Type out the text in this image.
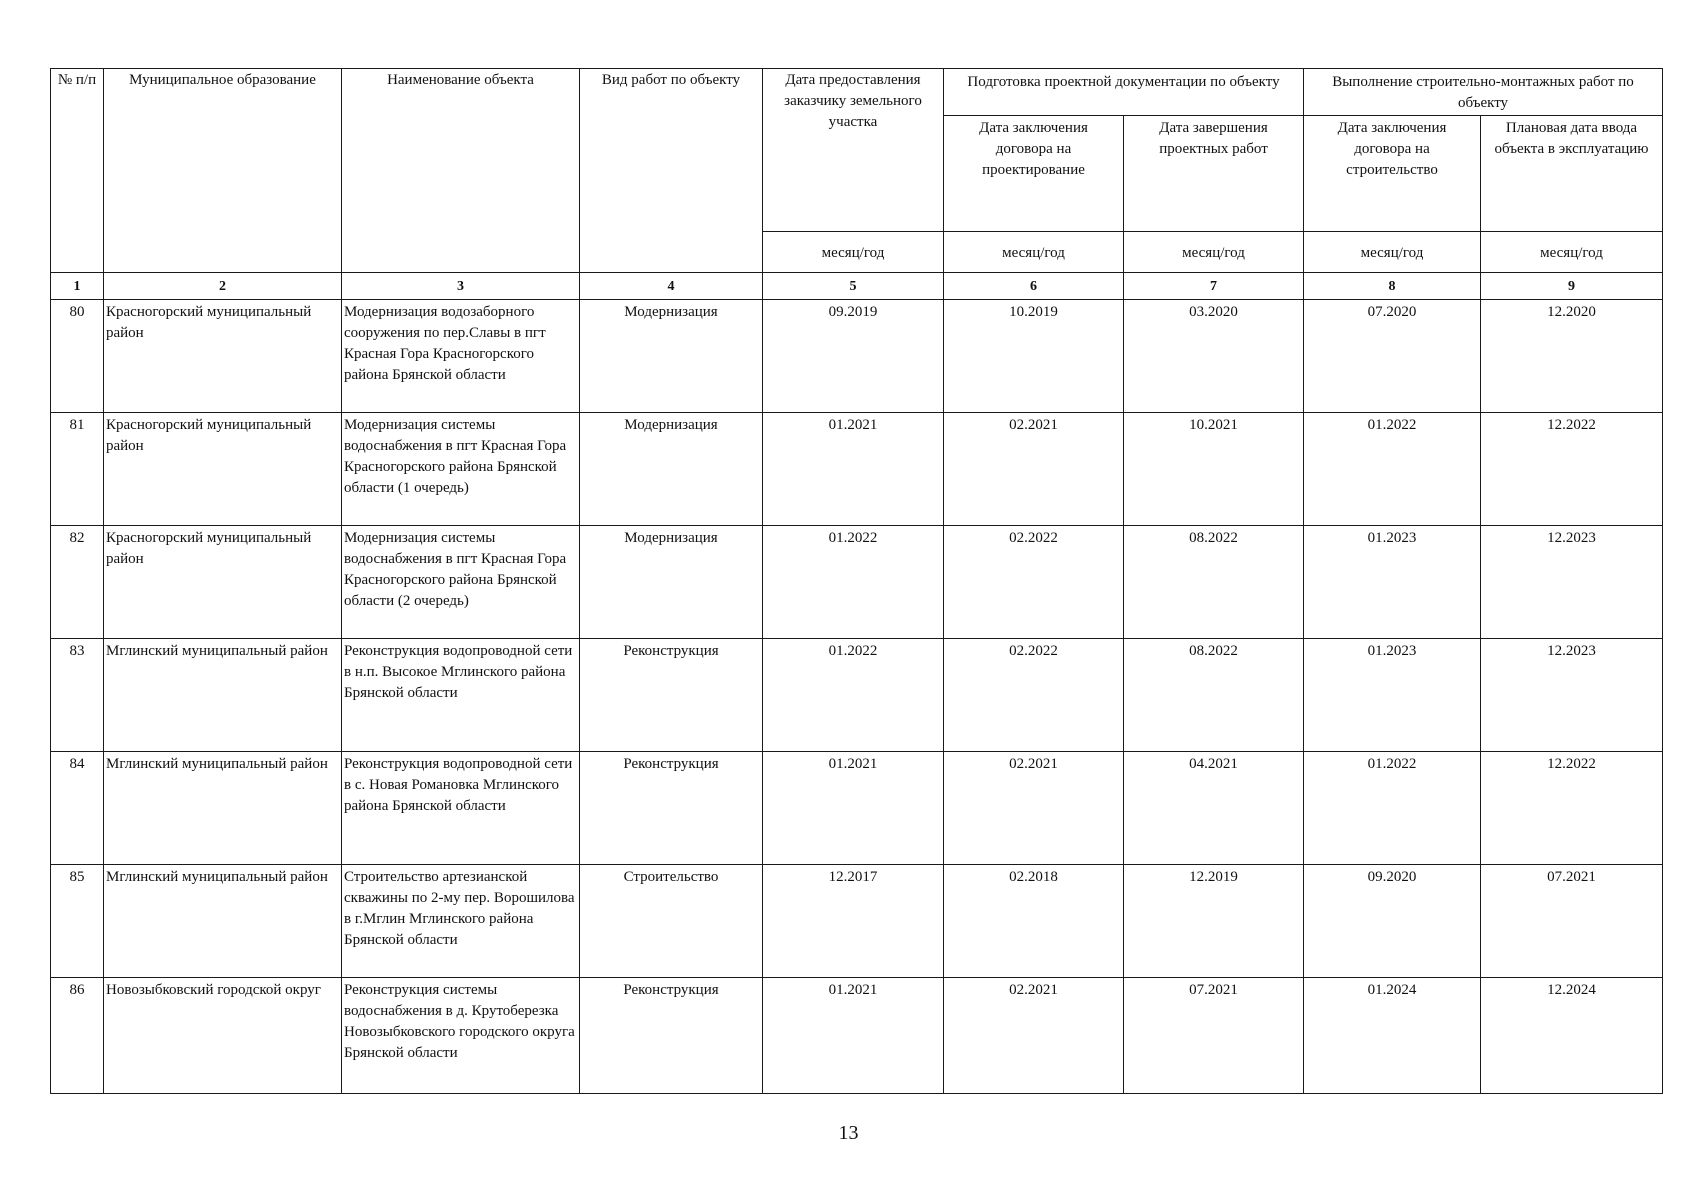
№ п/п	Муниципальное образование	Наименование объекта	Вид работ по объекту	Дата предоставления заказчику земельного участка	Подготовка проектной документации по объекту		Выполнение строительно-монтажных работ по объекту	
					Дата заключения договора на проектирование	Дата завершения проектных работ	Дата заключения договора на строительство	Плановая дата ввода объекта в эксплуатацию
				месяц/год	месяц/год	месяц/год	месяц/год	месяц/год
1	2	3	4	5	6	7	8	9
80	Красногорский муниципальный район	Модернизация водозаборного сооружения по пер.Славы в пгт Красная Гора Красногорского района Брянской области	Модернизация	09.2019	10.2019	03.2020	07.2020	12.2020
81	Красногорский муниципальный район	Модернизация системы водоснабжения в пгт Красная Гора Красногорского района Брянской области (1 очередь)	Модернизация	01.2021	02.2021	10.2021	01.2022	12.2022
82	Красногорский муниципальный район	Модернизация системы водоснабжения в пгт Красная Гора Красногорского района Брянской области (2 очередь)	Модернизация	01.2022	02.2022	08.2022	01.2023	12.2023
83	Мглинский муниципальный район	Реконструкция водопроводной сети в н.п. Высокое Мглинского района Брянской области	Реконструкция	01.2022	02.2022	08.2022	01.2023	12.2023
84	Мглинский муниципальный район	Реконструкция водопроводной сети в с. Новая Романовка Мглинского района Брянской области	Реконструкция	01.2021	02.2021	04.2021	01.2022	12.2022
85	Мглинский муниципальный район	Строительство артезианской скважины по 2-му пер. Ворошилова в г.Мглин Мглинского района Брянской области	Строительство	12.2017	02.2018	12.2019	09.2020	07.2021
86	Новозыбковский городской округ	Реконструкция системы водоснабжения в д. Крутоберезка Новозыбковского городского округа Брянской области	Реконструкция	01.2021	02.2021	07.2021	01.2024	12.2024
13
